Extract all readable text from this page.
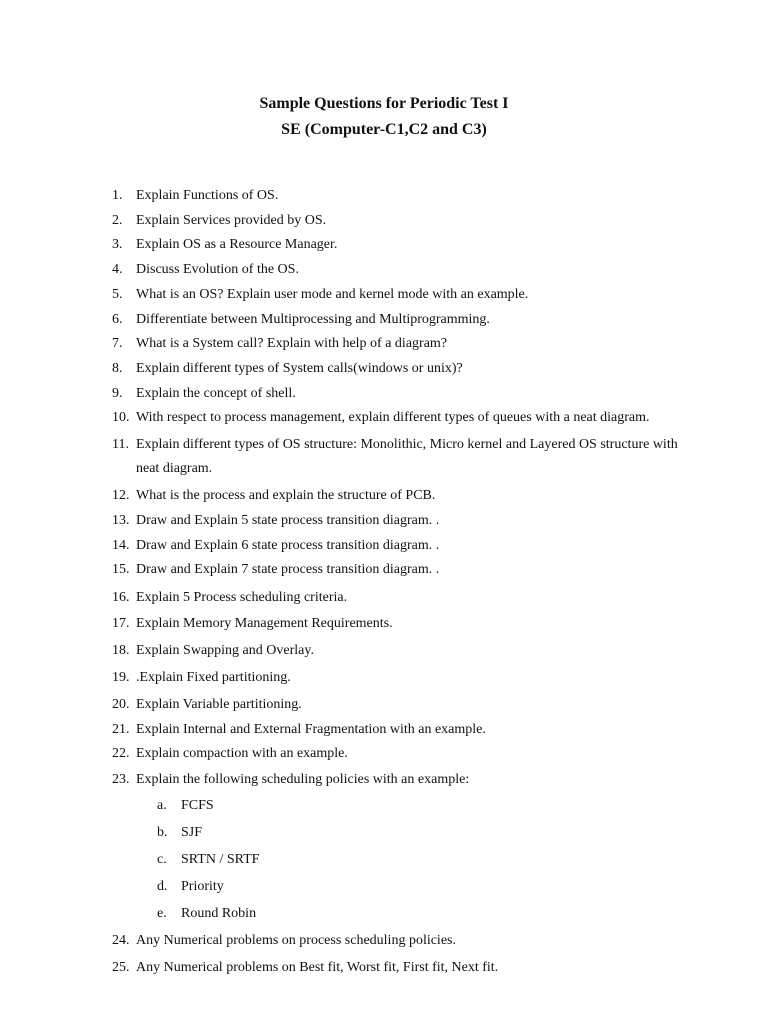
Sample Questions for Periodic Test I
SE (Computer-C1,C2 and C3)
1. Explain Functions of OS.
2. Explain Services provided by OS.
3. Explain OS as a Resource Manager.
4. Discuss Evolution of the OS.
5. What is an OS? Explain user mode and kernel mode with an example.
6. Differentiate between Multiprocessing and Multiprogramming.
7. What is a System call? Explain with help of a diagram?
8. Explain different types of System calls(windows or unix)?
9. Explain the concept of shell.
10. With respect to process management, explain different types of queues with a neat diagram.
11. Explain different types of OS structure: Monolithic, Micro kernel and Layered OS structure with
neat diagram.
12. What is the process and explain the structure of PCB.
13. Draw and Explain 5 state process transition diagram. .
14. Draw and Explain 6 state process transition diagram. .
15. Draw and Explain 7 state process transition diagram. .
16. Explain 5 Process scheduling criteria.
17. Explain Memory Management Requirements.
18. Explain Swapping and Overlay.
19. .Explain Fixed partitioning.
20. Explain Variable partitioning.
21. Explain Internal and External Fragmentation with an example.
22. Explain compaction with an example.
23. Explain the following scheduling policies with an example:
a.	FCFS
b. SJF
c.	SRTN / SRTF
d. Priority
e.	Round Robin
24. Any Numerical problems on process scheduling policies.
25. Any Numerical problems on Best fit, Worst fit, First fit, Next fit.
